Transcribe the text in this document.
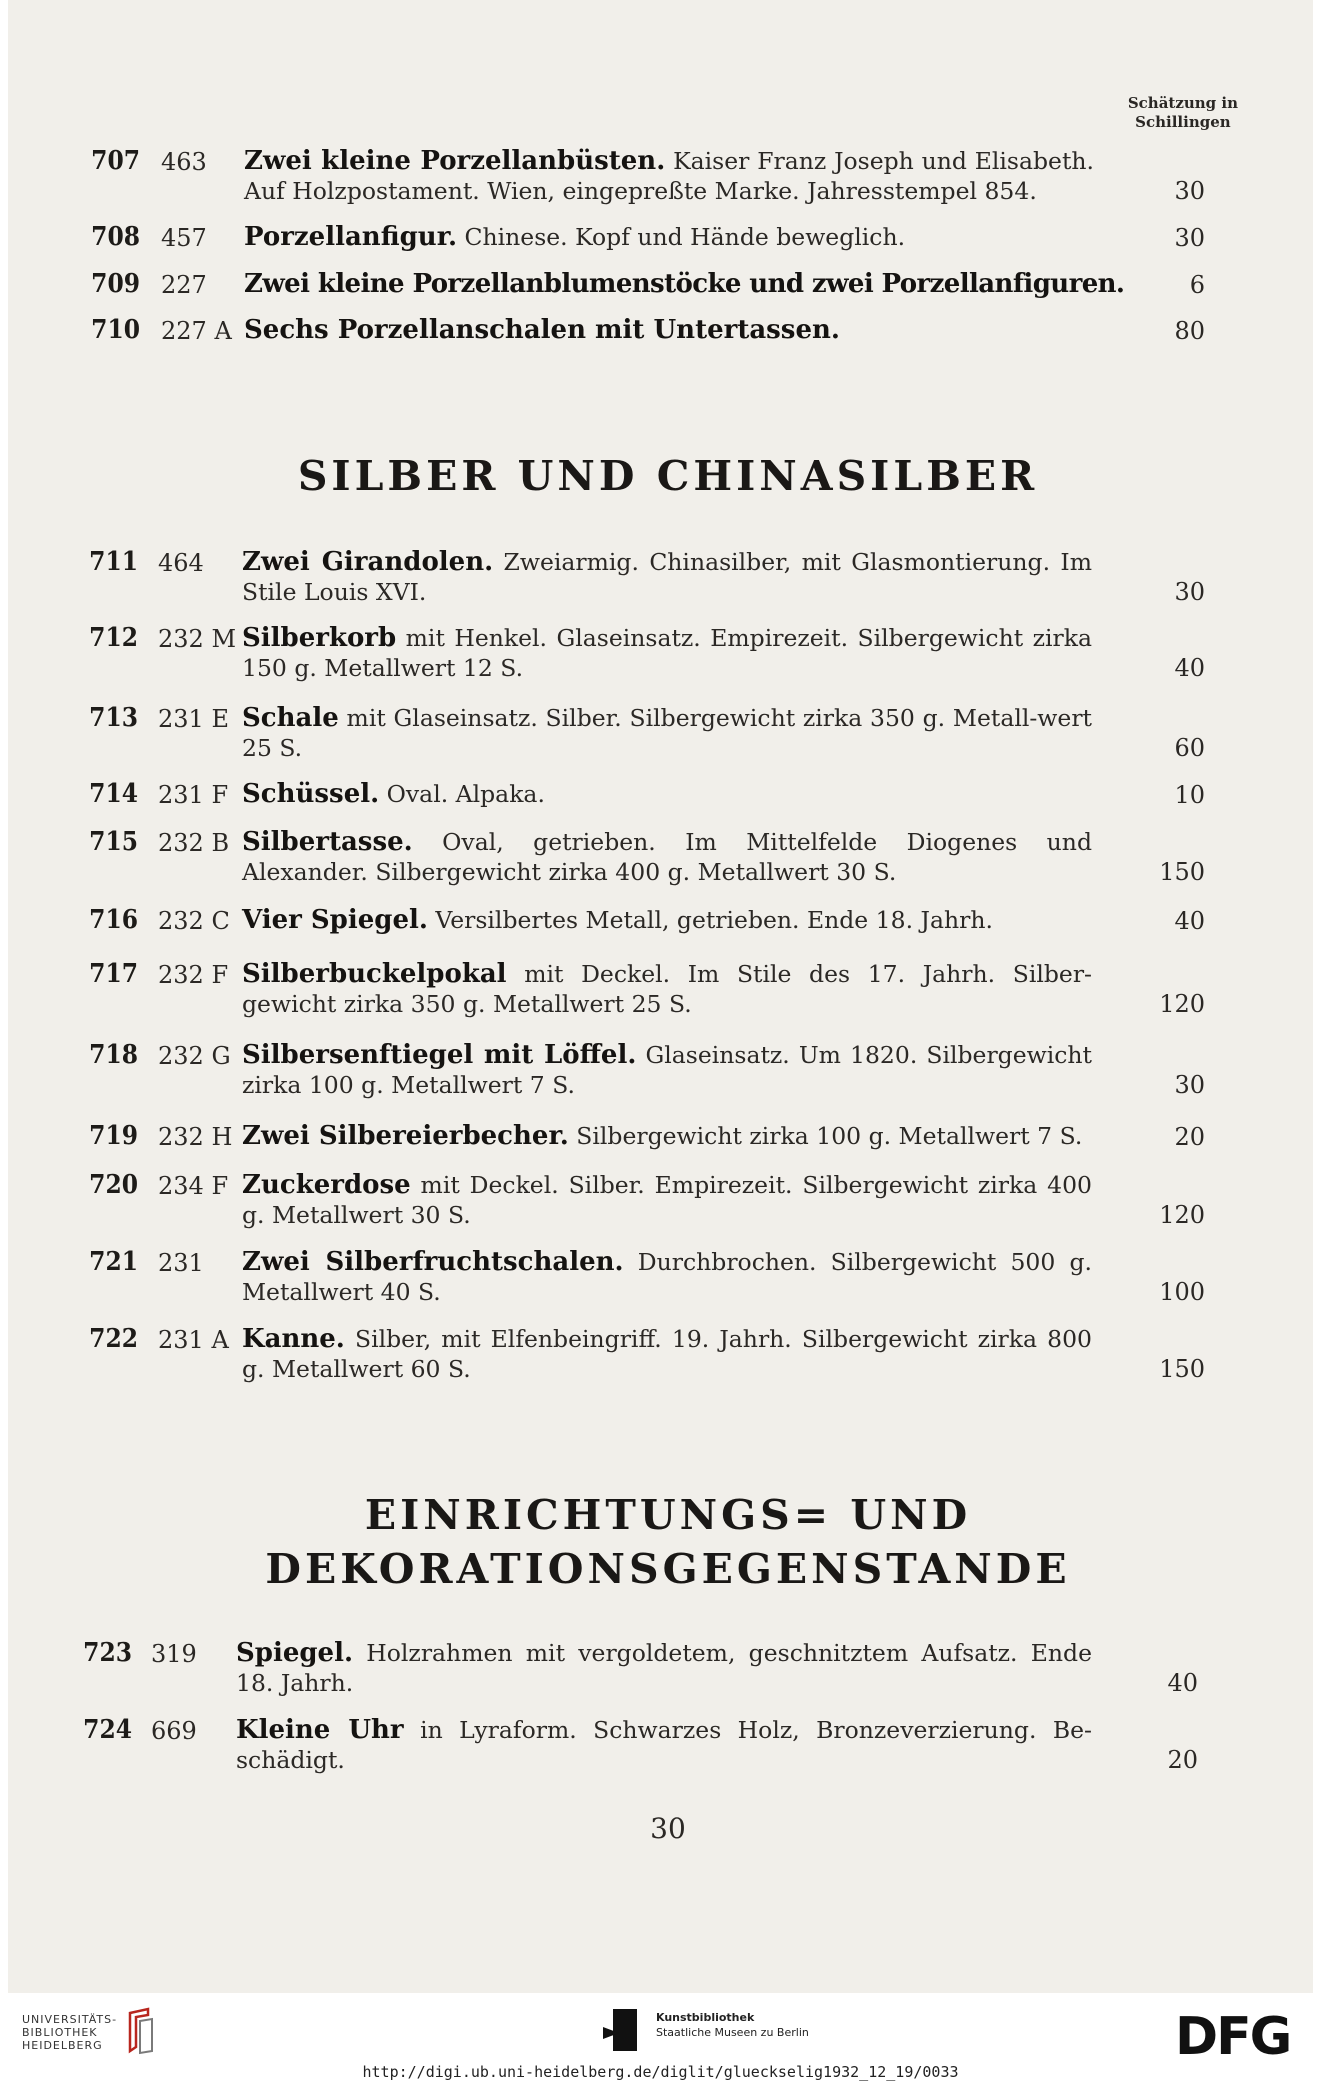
Schätzung in
Schillingen
707 463 Zwei kleine Porzellanbüsten. Kaiser Franz Joseph und Elisabeth. Auf Holzpostament. Wien, eingepreßte Marke. Jahresstempel 854.	30
708 457 Porzellanfigur. Chinese. Kopf und Hände beweglich.	30
709 227 Zwei kleine Porzellanblumenstöcke und zwei Porzellanfiguren.	6
710 227 A Sechs Porzellanschalen mit Untertassen.	80
SILBER UND CHINASILBER
711 464 Zwei Girandolen. Zweiarmig. Chinasilber, mit Glasmontierung. Im Stile Louis XVI.	30
712 232 M Silberkorb mit Henkel. Glaseinsatz. Empirezeit. Silbergewicht zirka 150 g. Metallwert 12 S.	40
713 231 E Schale mit Glaseinsatz. Silber. Silbergewicht zirka 350 g. Metall-wert 25 S.	60
714 231 F Schüssel. Oval. Alpaka.	10
715 232 B Silbertasse. Oval, getrieben. Im Mittelfelde Diogenes und Alexander. Silbergewicht zirka 400 g. Metallwert 30 S.	150
716 232 C Vier Spiegel. Versilbertes Metall, getrieben. Ende 18. Jahrh.	40
717 232 F Silberbuckelpokal mit Deckel. Im Stile des 17. Jahrh. Silber-gewicht zirka 350 g. Metallwert 25 S.	120
718 232 G Silbersenftiegel mit Löffel. Glaseinsatz. Um 1820. Silbergewicht zirka 100 g. Metallwert 7 S.	30
719 232 H Zwei Silbereierbecher. Silbergewicht zirka 100 g. Metallwert 7 S.	20
720 234 F Zuckerdose mit Deckel. Silber. Empirezeit. Silbergewicht zirka 400 g. Metallwert 30 S.	120
721 231 Zwei Silberfruchtschalen. Durchbrochen. Silbergewicht 500 g. Metallwert 40 S.	100
722 231 A Kanne. Silber, mit Elfenbeingriff. 19. Jahrh. Silbergewicht zirka 800 g. Metallwert 60 S.	150
EINRICHTUNGS= UND
DEKORATIONSGEGENSTANDE
723 319 Spiegel. Holzrahmen mit vergoldetem, geschnitztem Aufsatz. Ende 18. Jahrh.	40
724 669 Kleine Uhr in Lyraform. Schwarzes Holz, Bronzeverzierung. Be-schädigt.	20
30
UNIVERSITÄTS-
BIBLIOTHEK
HEIDELBERG
Kunstbibliothek
Staatliche Museen zu Berlin	DFG
http://digi.ub.uni-heidelberg.de/diglit/glueckselig1932_12_19/0033
